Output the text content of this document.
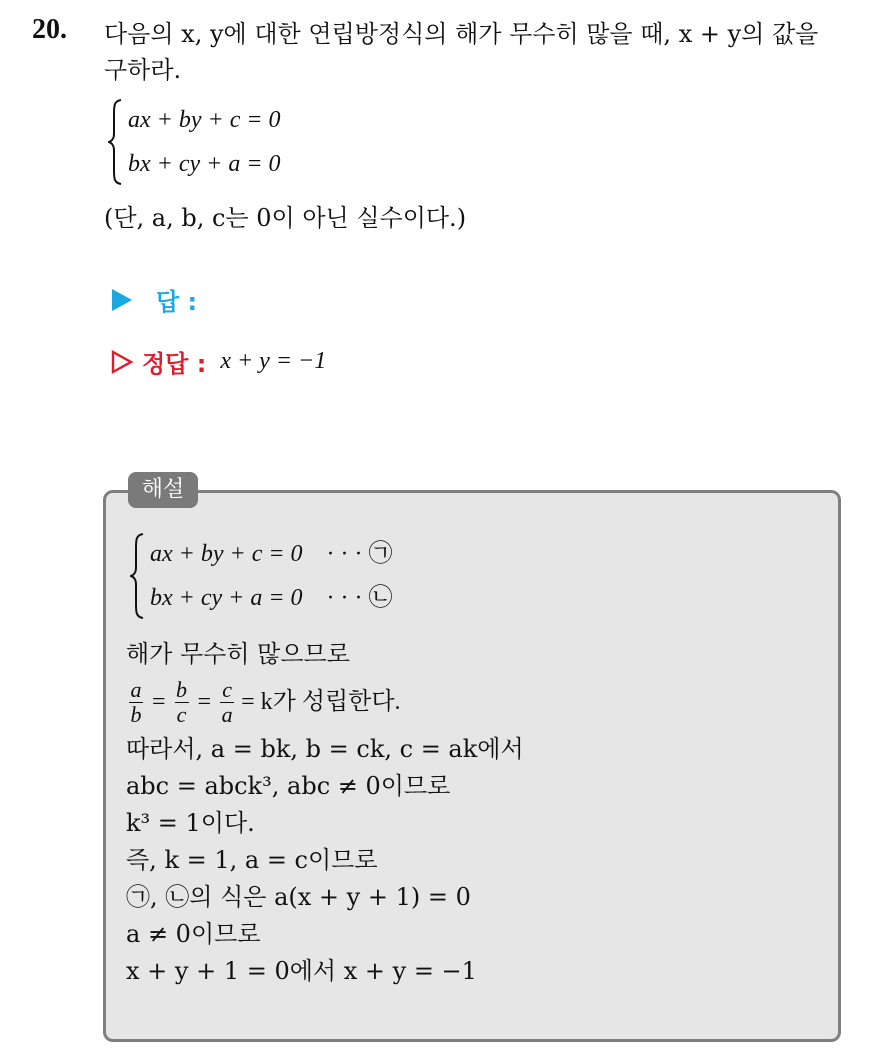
20. 다음의 x, y에 대한 연립방정식의 해가 무수히 많을 때, x + y의 값을
구하라.
ax + by + c = 0
bx + cy + a = 0
(단, a, b, c는 0이 아닌 실수이다.)
답 :
정답 : x + y = −1
해설
ax + by + c = 0 · · · ㉠
bx + cy + a = 0 · · · ㉡
해가 무수히 많으므로
$\frac{a}{b} = \frac{b}{c} = \frac{c}{a} = k$가 성립한다.
따라서, a = bk, b = ck, c = ak에서
abc = abck³, abc ≠ 0이므로
k³ = 1이다.
즉, k = 1, a = c이므로
㉠, ㉡의 식은 a(x + y + 1) = 0
a ≠ 0이므로
x + y + 1 = 0에서 x + y = −1
